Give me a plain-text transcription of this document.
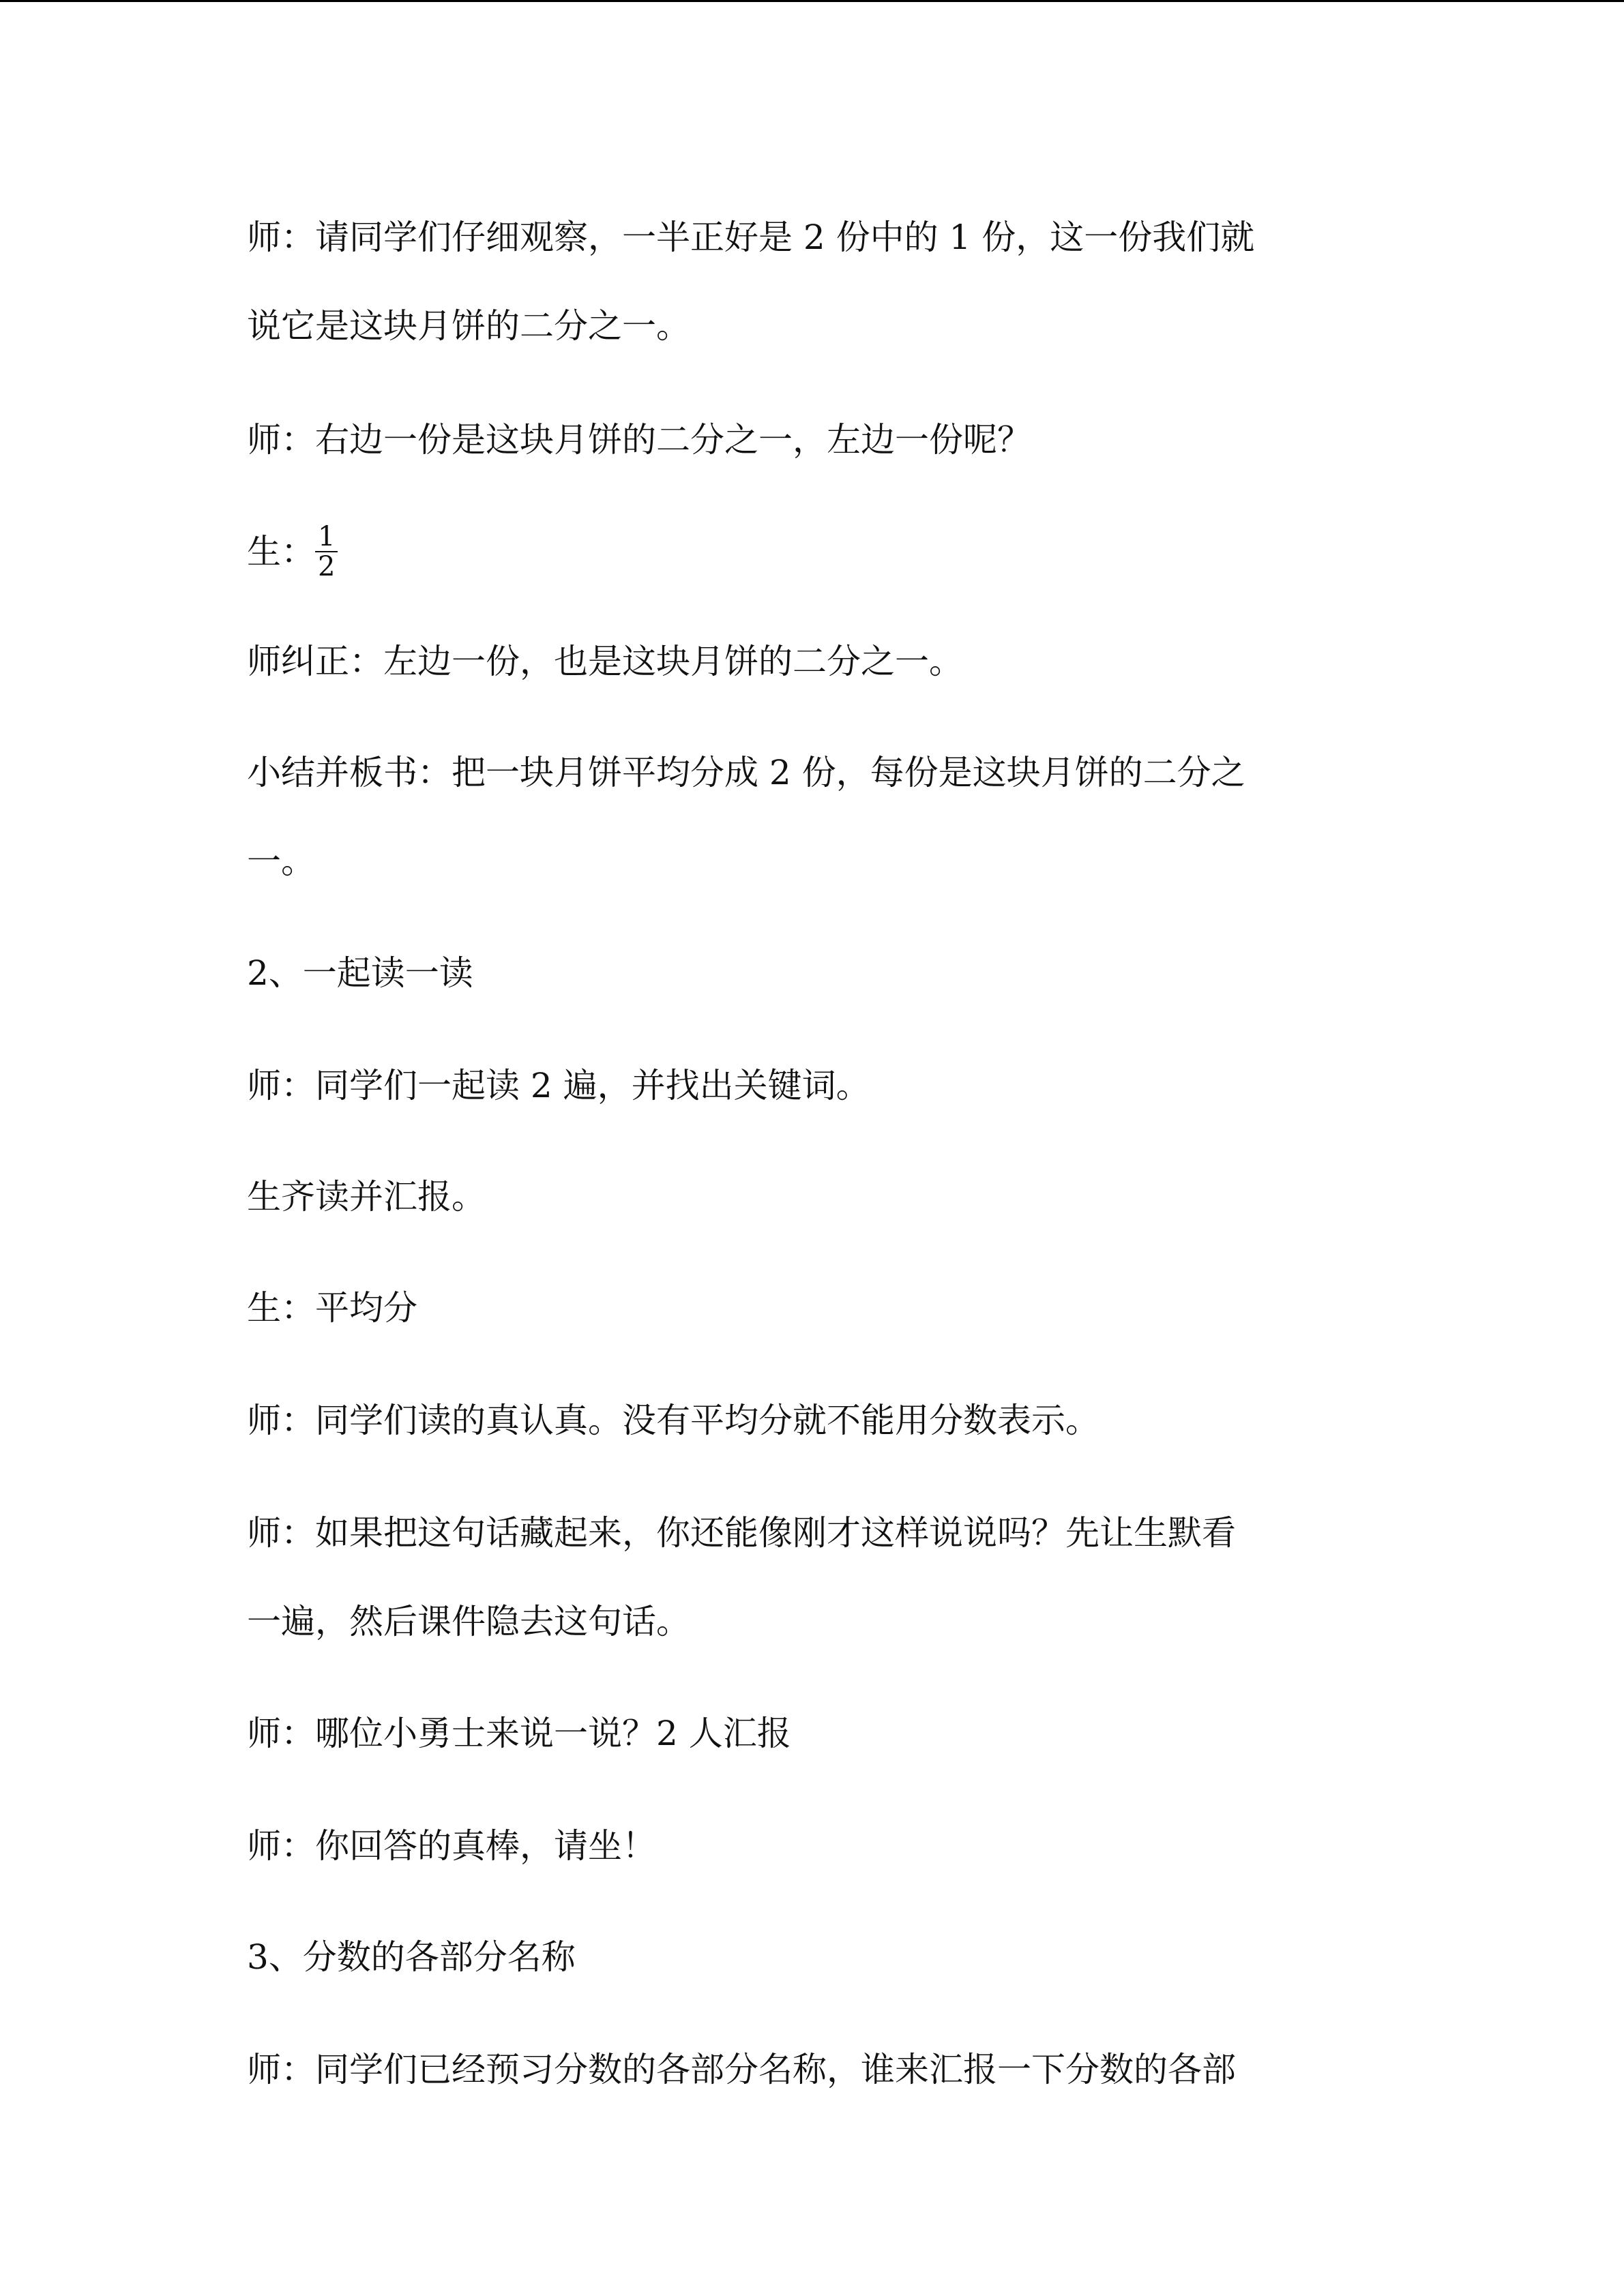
师：请同学们仔细观察，一半正好是 2 份中的 1 份，这一份我们就
说它是这块月饼的二分之一。
师：右边一份是这块月饼的二分之一，左边一份呢？
生： $\frac{1}{2}$
师纠正：左边一份，也是这块月饼的二分之一。
小结并板书：把一块月饼平均分成 2 份，每份是这块月饼的二分之
一。
2、一起读一读
师：同学们一起读 2 遍，并找出关键词。
生齐读并汇报。
生：平均分
师：同学们读的真认真。没有平均分就不能用分数表示。
师：如果把这句话藏起来，你还能像刚才这样说说吗？先让生默看
一遍，然后课件隐去这句话。
师：哪位小勇士来说一说？2 人汇报
师：你回答的真棒，请坐！
3、分数的各部分名称
师：同学们已经预习分数的各部分名称，谁来汇报一下分数的各部
